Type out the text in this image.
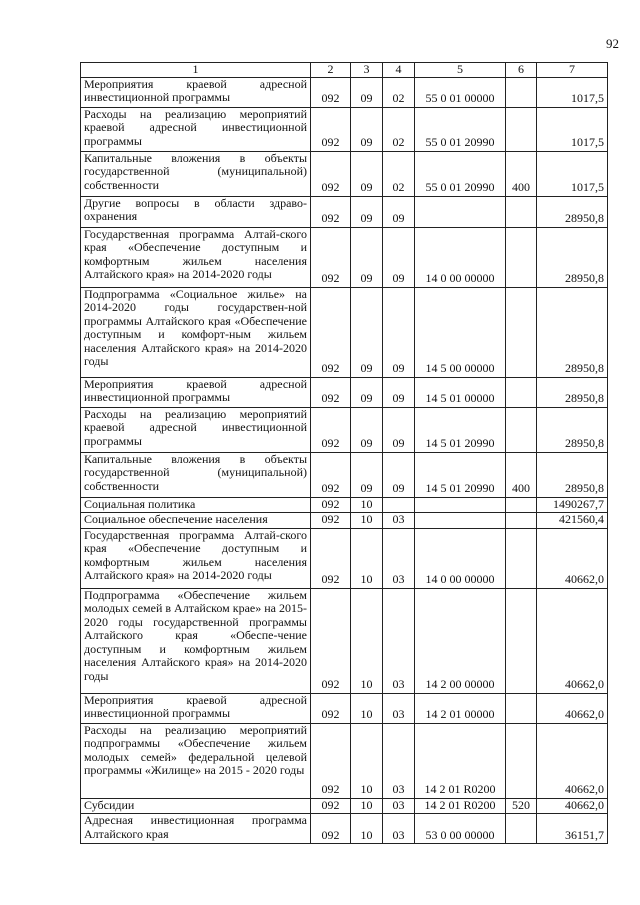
92
1	2	3	4	5	6	7
Мероприятия краевой адресной инвестиционной программы	092	09	02	55 0 01 00000		1017,5
Расходы на реализацию мероприятий краевой адресной инвестиционной программы	092	09	02	55 0 01 20990		1017,5
Капитальные вложения в объекты государственной (муниципальной) собственности	092	09	02	55 0 01 20990	400	1017,5
Другие вопросы в области здраво-охранения	092	09	09			28950,8
Государственная программа Алтай-ского края «Обеспечение доступным и комфортным жильем населения Алтайского края» на 2014-2020 годы	092	09	09	14 0 00 00000		28950,8
Подпрограмма «Социальное жилье» на 2014-2020 годы государствен-ной программы Алтайского края «Обеспечение доступным и комфорт-ным жильем населения Алтайского края» на 2014-2020 годы	092	09	09	14 5 00 00000		28950,8
Мероприятия краевой адресной инвестиционной программы	092	09	09	14 5 01 00000		28950,8
Расходы на реализацию мероприятий краевой адресной инвестиционной программы	092	09	09	14 5 01 20990		28950,8
Капитальные вложения в объекты государственной (муниципальной) собственности	092	09	09	14 5 01 20990	400	28950,8
Социальная политика	092	10				1490267,7
Социальное обеспечение населения	092	10	03			421560,4
Государственная программа Алтай-ского края «Обеспечение доступным и комфортным жильем населения Алтайского края» на 2014-2020 годы	092	10	03	14 0 00 00000		40662,0
Подпрограмма «Обеспечение жильем молодых семей в Алтайском крае» на 2015-2020 годы государственной программы Алтайского края «Обеспе-чение доступным и комфортным жильем населения Алтайского края» на 2014-2020 годы	092	10	03	14 2 00 00000		40662,0
Мероприятия краевой адресной инвестиционной программы	092	10	03	14 2 01 00000		40662,0
Расходы на реализацию мероприятий подпрограммы «Обеспечение жильем молодых семей» федеральной целевой программы «Жилище» на 2015 - 2020 годы	092	10	03	14 2 01 R0200		40662,0
Субсидии	092	10	03	14 2 01 R0200	520	40662,0
Адресная инвестиционная программа Алтайского края	092	10	03	53 0 00 00000		36151,7
